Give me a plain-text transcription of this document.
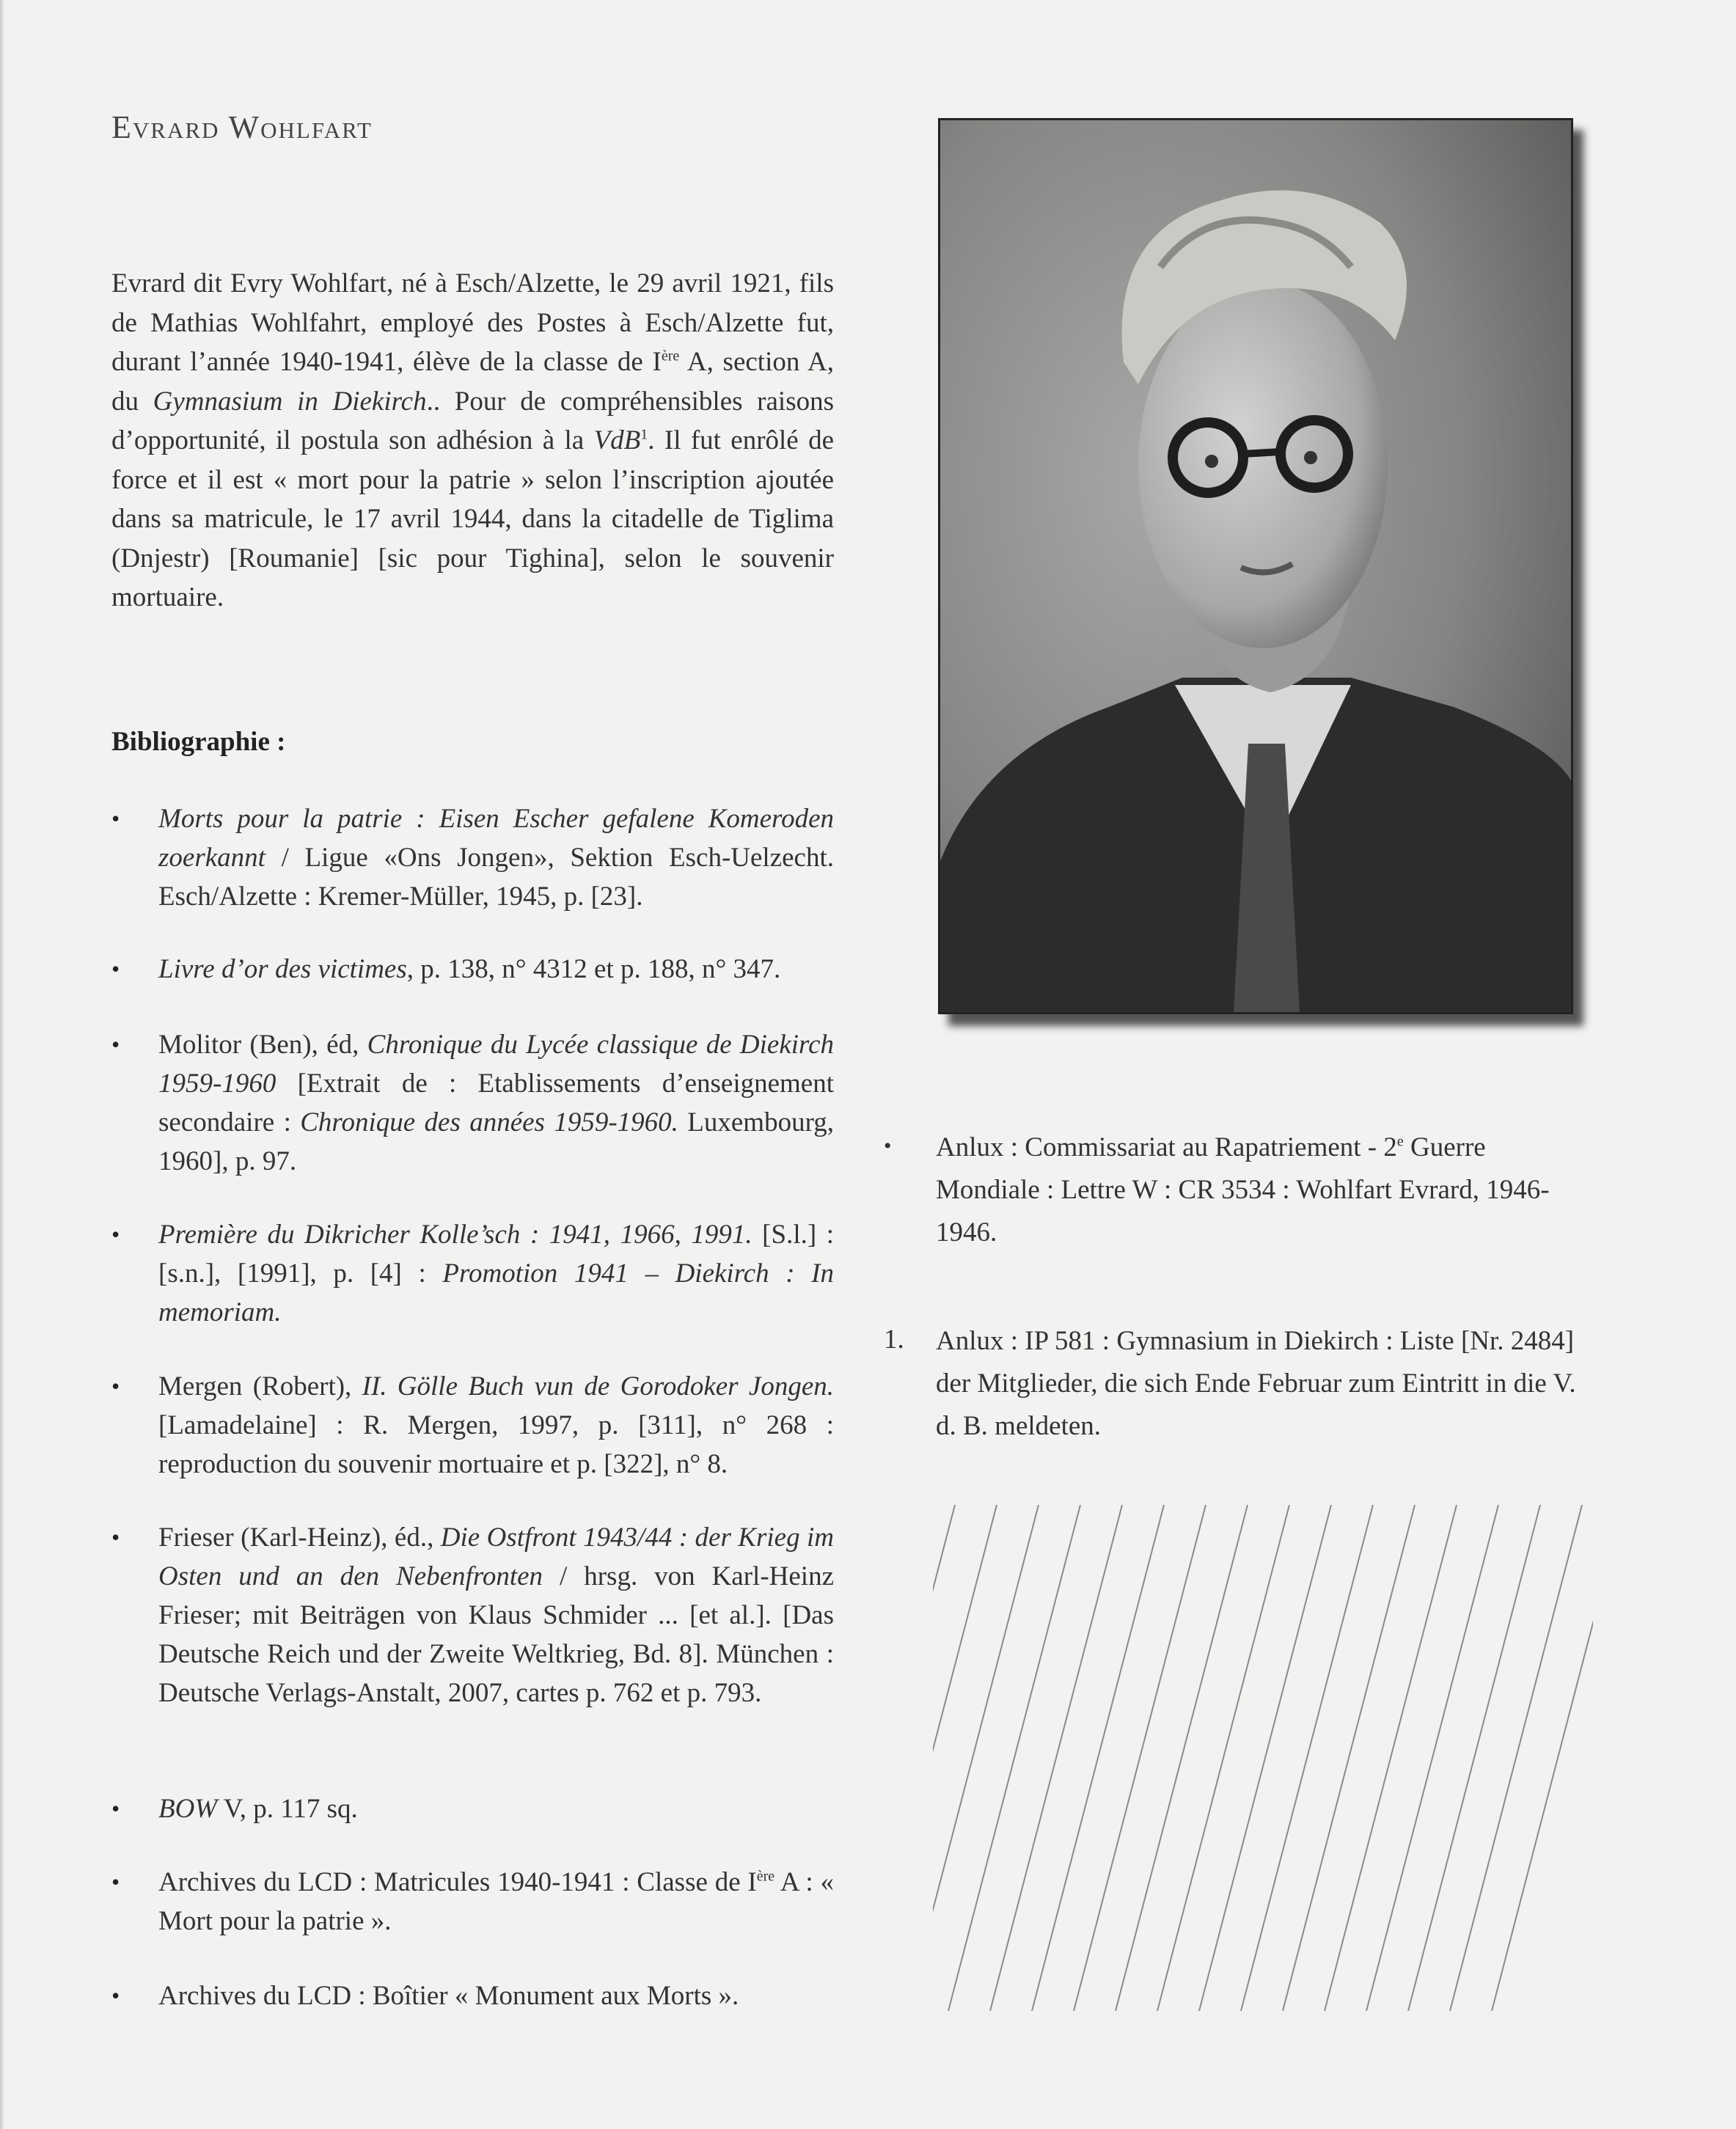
Evrard Wohlfart
Evrard dit Evry Wohlfart, né à Esch/Alzette, le 29 avril 1921, fils de Mathias Wohlfahrt, employé des Postes à Esch/Alzette fut, durant l’année 1940-1941, élève de la classe de Ière A, section A, du Gymnasium in Diekirch.. Pour de compréhensibles raisons d’opportunité, il postula son adhésion à la VdB$^1$. Il fut enrôlé de force et il est « mort pour la patrie » selon l’inscription ajoutée dans sa matricule, le 17 avril 1944, dans la citadelle de Tiglima (Dnjestr) [Roumanie] [sic pour Tighina], selon le souvenir mortuaire.
Bibliographie :
• Morts pour la patrie : Eisen Escher gefalene Komeroden zoerkannt / Ligue «Ons Jongen», Sektion Esch-Uelzecht. Esch/Alzette : Kremer-Müller, 1945, p. [23].
• Livre d’or des victimes, p. 138, n° 4312 et p. 188, n° 347.
• Molitor (Ben), éd, Chronique du Lycée classique de Diekirch 1959-1960 [Extrait de : Etablissements d’enseignement secondaire : Chronique des années 1959-1960. Luxembourg, 1960], p. 97.
• Première du Dikricher Kolle’sch : 1941, 1966, 1991. [S.l.] : [s.n.], [1991], p. [4] : Promotion 1941 – Diekirch : In memoriam.
• Mergen (Robert), II. Gölle Buch vun de Gorodoker Jongen. [Lamadelaine] : R. Mergen, 1997, p. [311], n° 268 : reproduction du souvenir mortuaire et p. [322], n° 8.
• Frieser (Karl-Heinz), éd., Die Ostfront 1943/44 : der Krieg im Osten und an den Nebenfronten / hrsg. von Karl-Heinz Frieser; mit Beiträgen von Klaus Schmider ... [et al.]. [Das Deutsche Reich und der Zweite Weltkrieg, Bd. 8]. München : Deutsche Verlags-Anstalt, 2007, cartes p. 762 et p. 793.
• BOW V, p. 117 sq.
• Archives du LCD : Matricules 1940-1941 : Classe de Ière A : « Mort pour la patrie ».
• Archives du LCD : Boîtier « Monument aux Morts ».
• Anlux : Commissariat au Rapatriement - 2e Guerre Mondiale : Lettre W : CR 3534 : Wohlfart Evrard, 1946-1946.
1. Anlux : IP 581 : Gymnasium in Diekirch : Liste [Nr. 2484] der Mitglieder, die sich Ende Februar zum Eintritt in die V. d. B. meldeten.
